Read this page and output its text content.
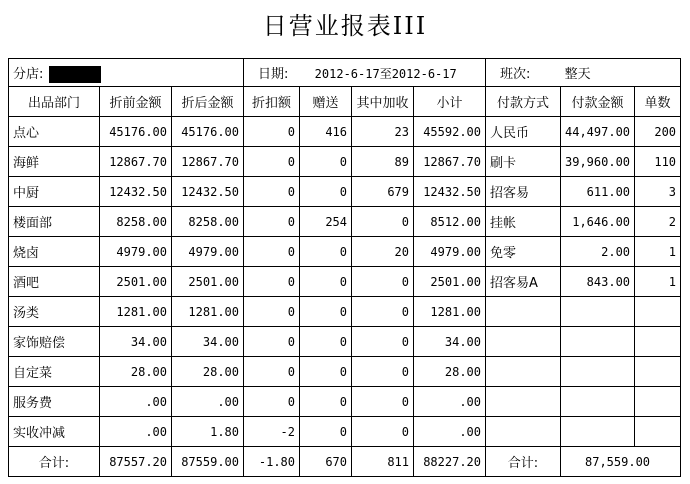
日营业报表III
分店:			日期: 2012-6-17至2012-6-17				班次: 整天		
出品部门	折前金额	折后金额	折扣额	赠送	其中加收	小计	付款方式	付款金额	单数
点心	45176.00	45176.00	0	416	23	45592.00	人民币	44,497.00	200
海鲜	12867.70	12867.70	0	0	89	12867.70	刷卡	39,960.00	110
中厨	12432.50	12432.50	0	0	679	12432.50	招客易	611.00	3
楼面部	8258.00	8258.00	0	254	0	8512.00	挂帐	1,646.00	2
烧卤	4979.00	4979.00	0	0	20	4979.00	免零	2.00	1
酒吧	2501.00	2501.00	0	0	0	2501.00	招客易A	843.00	1
汤类	1281.00	1281.00	0	0	0	1281.00			
家饰赔偿	34.00	34.00	0	0	0	34.00			
自定菜	28.00	28.00	0	0	0	28.00			
服务费	.00	.00	0	0	0	.00			
实收冲减	.00	1.80	-2	0	0	.00			
合计:	87557.20	87559.00	-1.80	670	811	88227.20	合计:	87,559.00	
